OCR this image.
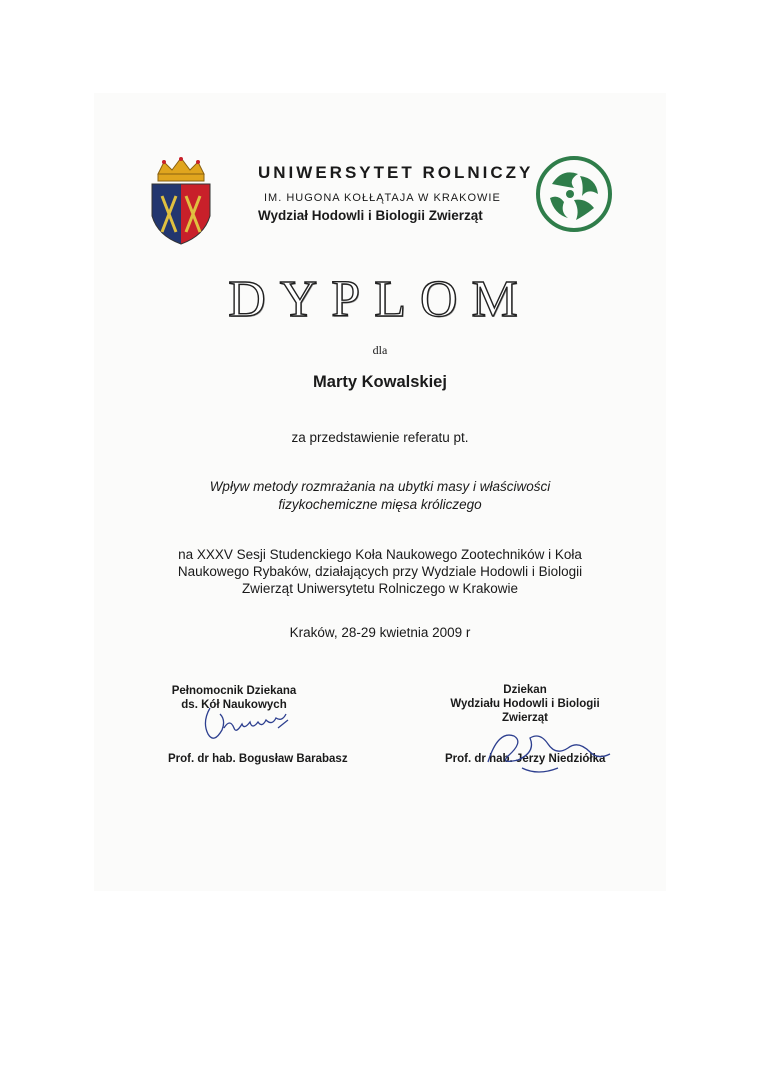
UNIWERSYTET ROLNICZY
IM. HUGONA KOŁŁĄTAJA W KRAKOWIE
Wydział Hodowli i Biologii Zwierząt
DYPLOM
dla
Marty Kowalskiej
za przedstawienie referatu pt.
Wpływ metody rozmrażania na ubytki masy i właściwości
fizykochemiczne mięsa króliczego
na XXXV Sesji Studenckiego Koła Naukowego Zootechników i Koła
Naukowego Rybaków, działających przy Wydziale Hodowli i Biologii
Zwierząt Uniwersytetu Rolniczego w Krakowie
Kraków, 28-29 kwietnia 2009 r
Pełnomocnik Dziekana
ds. Kół Naukowych
Prof. dr hab. Bogusław Barabasz
Dziekan
Wydziału Hodowli i Biologii
Zwierząt
Prof. dr hab. Jerzy Niedziółka
